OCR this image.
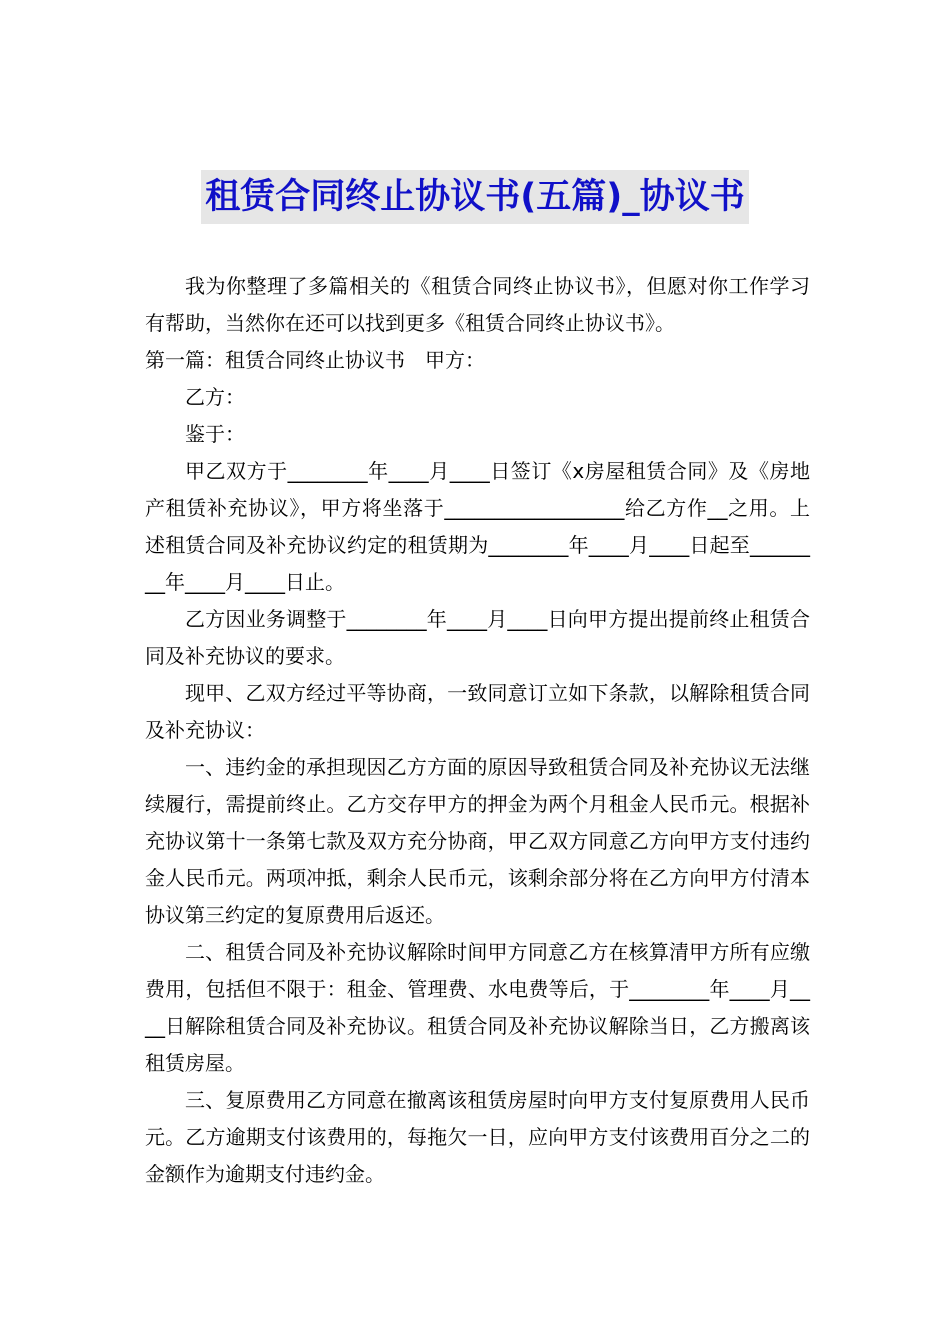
租赁合同终止协议书(五篇)_协议书

我为你整理了多篇相关的《租赁合同终止协议书》，但愿对你工作学习有帮助，当然你在还可以找到更多《租赁合同终止协议书》。

第一篇：租赁合同终止协议书　甲方：

乙方：

鉴于：

甲乙双方于________年____月____日签订《x房屋租赁合同》及《房地产租赁补充协议》，甲方将坐落于__________________给乙方作__之用。上述租赁合同及补充协议约定的租赁期为________年____月____日起至________年____月____日止。

乙方因业务调整于________年____月____日向甲方提出提前终止租赁合同及补充协议的要求。

现甲、乙双方经过平等协商，一致同意订立如下条款，以解除租赁合同及补充协议：

一、违约金的承担现因乙方方面的原因导致租赁合同及补充协议无法继续履行，需提前终止。乙方交存甲方的押金为两个月租金人民币元。根据补充协议第十一条第七款及双方充分协商，甲乙双方同意乙方向甲方支付违约金人民币元。两项冲抵，剩余人民币元，该剩余部分将在乙方向甲方付清本协议第三约定的复原费用后返还。

二、租赁合同及补充协议解除时间甲方同意乙方在核算清甲方所有应缴费用，包括但不限于：租金、管理费、水电费等后，于________年____月____日解除租赁合同及补充协议。租赁合同及补充协议解除当日，乙方搬离该租赁房屋。

三、复原费用乙方同意在撤离该租赁房屋时向甲方支付复原费用人民币元。乙方逾期支付该费用的，每拖欠一日，应向甲方支付该费用百分之二的金额作为逾期支付违约金。
